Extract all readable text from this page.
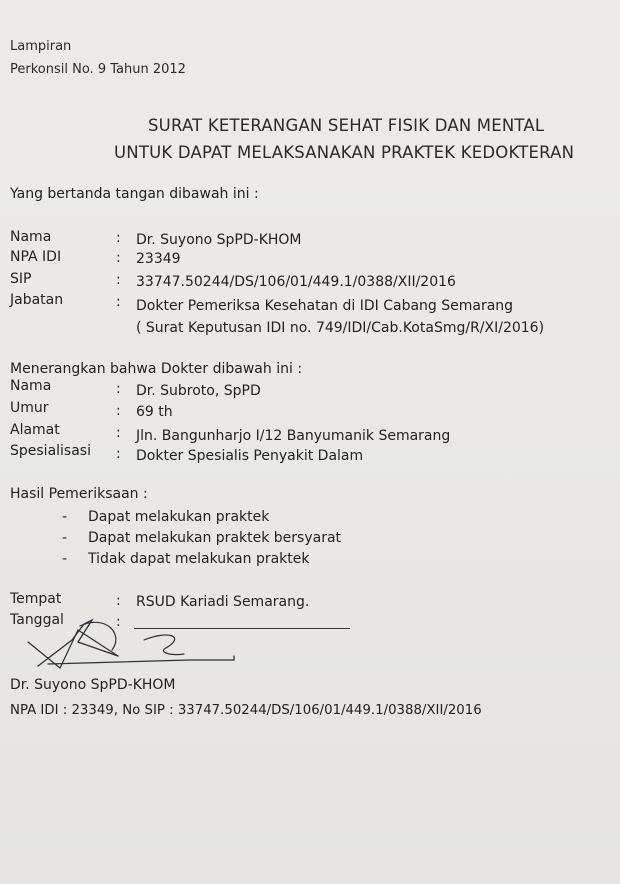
Lampiran
Perkonsil No. 9 Tahun 2012
SURAT KETERANGAN SEHAT FISIK DAN MENTAL
UNTUK DAPAT MELAKSANAKAN PRAKTEK KEDOKTERAN
Yang bertanda tangan dibawah ini :
Nama	: Dr. Suyono SpPD-KHOM
NPA IDI	: 23349
SIP	: 33747.50244/DS/106/01/449.1/0388/XII/2016
Jabatan	: Dokter Pemeriksa Kesehatan di IDI Cabang Semarang
( Surat Keputusan IDI no. 749/IDI/Cab.KotaSmg/R/XI/2016)
Menerangkan bahwa Dokter dibawah ini :
Nama	: Dr. Subroto, SpPD
Umur	: 69 th
Alamat	: Jln. Bangunharjo I/12 Banyumanik Semarang
Spesialisasi : Dokter Spesialis Penyakit Dalam
Hasil Pemeriksaan :
- Dapat melakukan praktek
- Dapat melakukan praktek bersyarat
- Tidak dapat melakukan praktek
Tempat	: RSUD Kariadi Semarang.
Tanggal	:
Dr. Suyono SpPD-KHOM
NPA IDI : 23349, No SIP : 33747.50244/DS/106/01/449.1/0388/XII/2016
